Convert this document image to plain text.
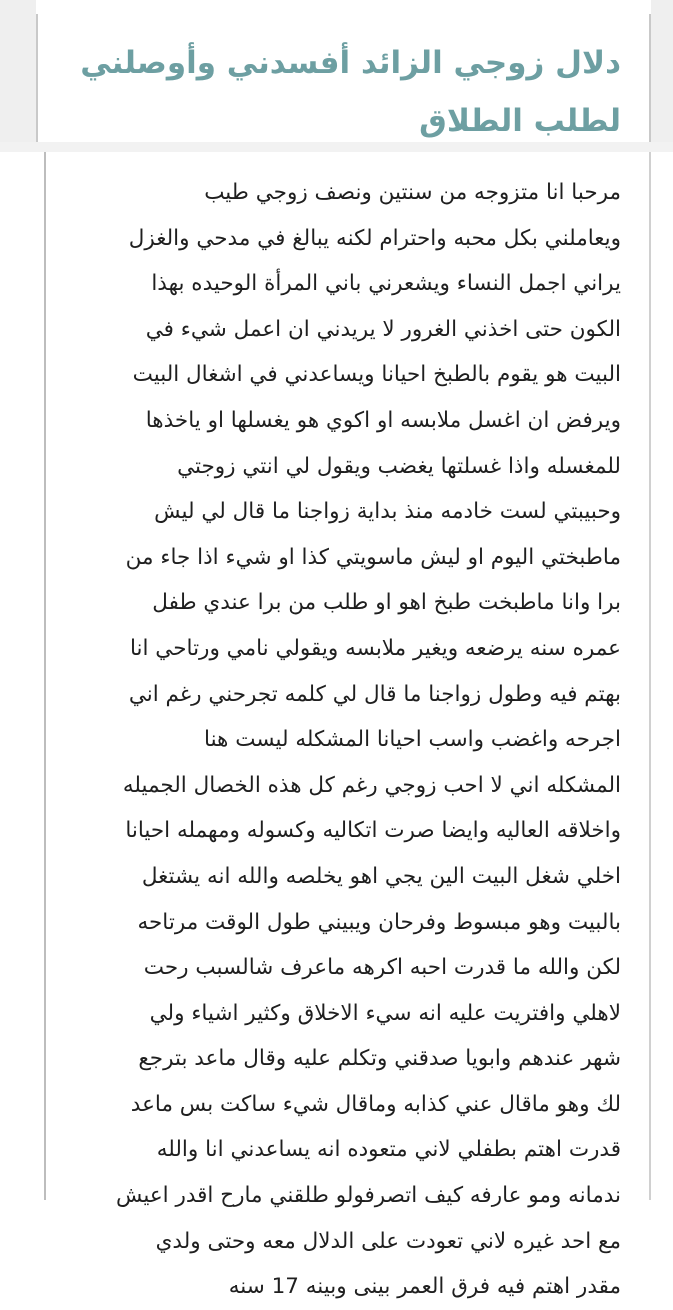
دلال زوجي الزائد أفسدني وأوصلني لطلب الطلاق
مرحبا انا متزوجه من سنتين ونصف زوجي طيب
ويعاملني بكل محبه واحترام لكنه يبالغ في مدحي والغزل
يراني اجمل النساء ويشعرني باني المرأة الوحيده بهذا
الكون حتى اخذني الغرور لا يريدني ان اعمل شيء في
البيت هو يقوم بالطبخ احيانا ويساعدني في اشغال البيت
ويرفض ان اغسل ملابسه او اكوي هو يغسلها او ياخذها
للمغسله واذا غسلتها يغضب ويقول لي انتي زوجتي
وحبيبتي لست خادمه منذ بداية زواجنا ما قال لي ليش
ماطبختي اليوم او ليش ماسويتي كذا او شيء اذا جاء من
برا وانا ماطبخت طبخ اهو او طلب من برا عندي طفل
عمره سنه يرضعه ويغير ملابسه ويقولي نامي ورتاحي انا
بهتم فيه وطول زواجنا ما قال لي كلمه تجرحني رغم اني
اجرحه واغضب واسب احيانا المشكله ليست هنا
المشكله اني لا احب زوجي رغم كل هذه الخصال الجميله
واخلاقه العاليه وايضا صرت اتكاليه وكسوله ومهمله احيانا
اخلي شغل البيت الين يجي اهو يخلصه والله انه يشتغل
بالبيت وهو مبسوط وفرحان ويبيني طول الوقت مرتاحه
لكن والله ما قدرت احبه اكرهه ماعرف شالسبب رحت
لاهلي وافتريت عليه انه سيء الاخلاق وكثير اشياء ولي
شهر عندهم وابويا صدقني وتكلم عليه وقال ماعد بترجع
لك وهو ماقال عني كذابه وماقال شيء ساكت بس ماعد
قدرت اهتم بطفلي لاني متعوده انه يساعدني انا والله
ندمانه ومو عارفه كيف اتصرفولو طلقني مارح اقدر اعيش
مع احد غيره لاني تعودت على الدلال معه وحتى ولدي
مقدر اهتم فيه فرق العمر بينى وبينه 17 سنه
